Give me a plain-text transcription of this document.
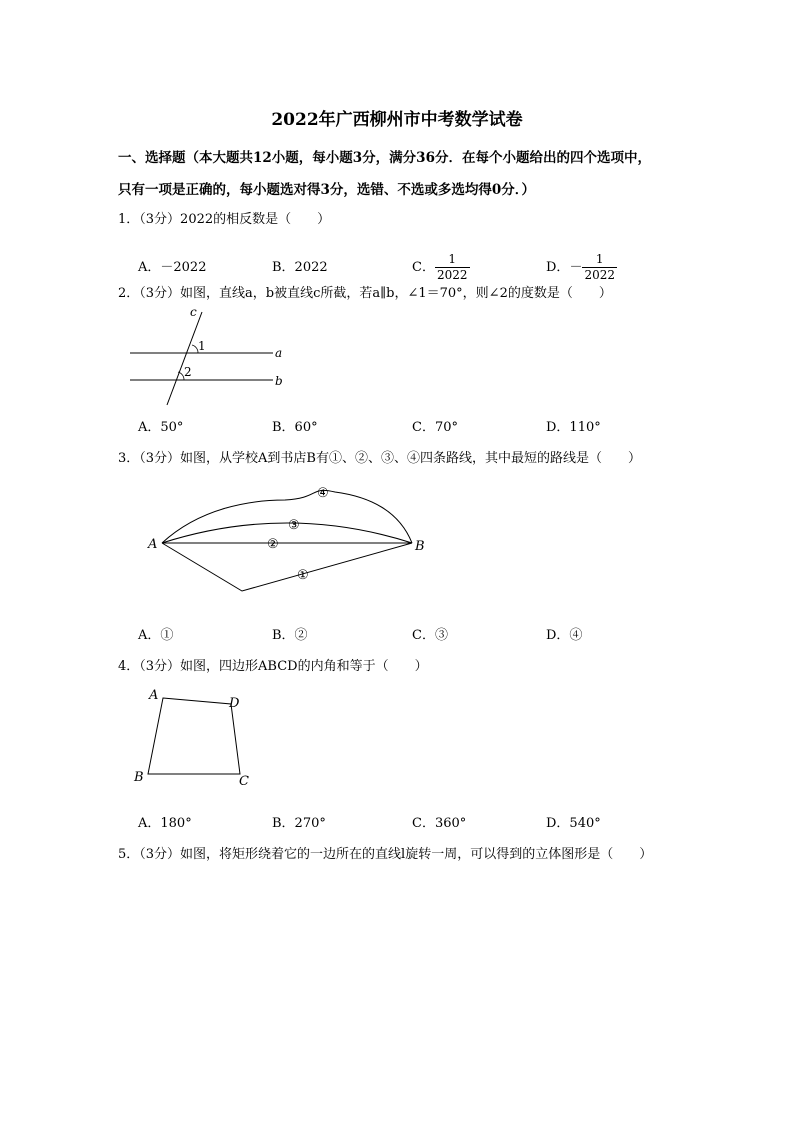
2022年广西柳州市中考数学试卷
一、选择题（本大题共12小题，每小题3分，满分36分．在每个小题给出的四个选项中，
只有一项是正确的，每小题选对得3分，选错、不选或多选均得0分．）
1．（3分）2022的相反数是（　　）
A．－2022	B．2022	C． $\frac{1}{2022}$	D．－ $\frac{1}{2022}$
2．（3分）如图，直线a，b被直线c所截，若a∥b，∠1＝70°，则∠2的度数是（　　）
c
1
2
a
b
A．50°	B．60°	C．70°	D．110°
3．（3分）如图，从学校A到书店B有①、②、③、④四条路线，其中最短的路线是（　　）
A	B
①
②
③
④
A．①	B．②	C．③	D．④
4．（3分）如图，四边形ABCD的内角和等于（　　）
A
D
B	C
A．180°	B．270°	C．360°	D．540°
5．（3分）如图，将矩形绕着它的一边所在的直线l旋转一周，可以得到的立体图形是（　　）
